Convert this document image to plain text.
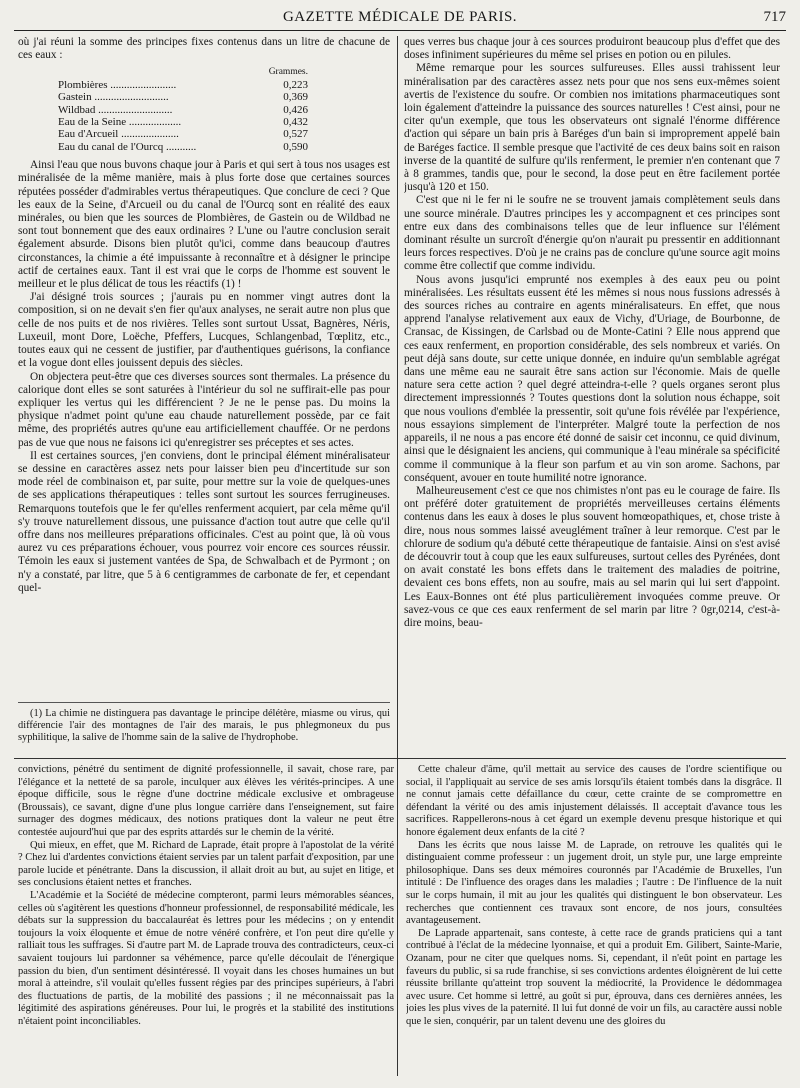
GAZETTE MÉDICALE DE PARIS.	717

où j'ai réuni la somme des principes fixes contenus dans un litre de chacune de ces eaux :

	Grammes.
Plombières ........................	0,223
Gastein ...........................	0,369
Wildbad ...........................	0,426
Eau de la Seine ...................	0,432
Eau d'Arcueil .....................	0,527
Eau du canal de l'Ourcq ...........	0,590

Ainsi l'eau que nous buvons chaque jour à Paris et qui sert à tous nos usages est minéralisée de la même manière, mais à plus forte dose que certaines sources réputées posséder d'admirables vertus thérapeutiques. Que conclure de ceci ? Que les eaux de la Seine, d'Arcueil ou du canal de l'Ourcq sont en réalité des eaux minérales, ou bien que les sources de Plombières, de Gastein ou de Wildbad ne sont tout bonnement que des eaux ordinaires ? L'une ou l'autre conclusion serait également absurde. Disons bien plutôt qu'ici, comme dans beaucoup d'autres circonstances, la chimie a été impuissante à reconnaître et à désigner le principe actif de certaines eaux. Tant il est vrai que le corps de l'homme est souvent le meilleur et le plus délicat de tous les réactifs (1) !

J'ai désigné trois sources ; j'aurais pu en nommer vingt autres dont la composition, si on ne devait s'en fier qu'aux analyses, ne serait autre non plus que celle de nos puits et de nos rivières. Telles sont surtout Ussat, Bagnères, Néris, Luxeuil, mont Dore, Loëche, Pfeffers, Lucques, Schlangenbad, Tœplitz, etc., toutes eaux qui ne cessent de justifier, par d'authentiques guérisons, la confiance et la vogue dont elles jouissent depuis des siècles.

On objectera peut-être que ces diverses sources sont thermales. La présence du calorique dont elles se sont saturées à l'intérieur du sol ne suffirait-elle pas pour expliquer les vertus qui les différencient ? Je ne le pense pas. Du moins la physique n'admet point qu'une eau chaude naturellement possède, par ce fait même, des propriétés autres qu'une eau artificiellement chauffée. Or ne perdons pas de vue que nous ne faisons ici qu'enregistrer ses préceptes et ses actes.

Il est certaines sources, j'en conviens, dont le principal élément minéralisateur se dessine en caractères assez nets pour laisser bien peu d'incertitude sur son mode réel de combinaison et, par suite, pour mettre sur la voie de quelques-unes de ses applications thérapeutiques : telles sont surtout les sources ferrugineuses. Remarquons toutefois que le fer qu'elles renferment acquiert, par cela même qu'il s'y trouve naturellement dissous, une puissance d'action tout autre que celle qu'il offre dans nos meilleures préparations officinales. C'est au point que, là où vous aurez vu ces préparations échouer, vous pourrez voir encore ces sources réussir. Témoin les eaux si justement vantées de Spa, de Schwalbach et de Pyrmont ; on n'y a constaté, par litre, que 5 à 6 centigrammes de carbonate de fer, et cependant quel-

(1) La chimie ne distinguera pas davantage le principe délétère, miasme ou virus, qui différencie l'air des montagnes de l'air des marais, le pus phlegmoneux du pus syphilitique, la salive de l'homme sain de la salive de l'hydrophobe.

ques verres bus chaque jour à ces sources produiront beaucoup plus d'effet que des doses infiniment supérieures du même sel prises en potion ou en pilules.

Même remarque pour les sources sulfureuses. Elles aussi trahissent leur minéralisation par des caractères assez nets pour que nos sens eux-mêmes soient avertis de l'existence du soufre. Or combien nos imitations pharmaceutiques sont loin également d'atteindre la puissance des sources naturelles ! C'est ainsi, pour ne citer qu'un exemple, que tous les observateurs ont signalé l'énorme différence d'action qui sépare un bain pris à Baréges d'un bain si improprement appelé bain de Baréges factice. Il semble presque que l'activité de ces deux bains soit en raison inverse de la quantité de sulfure qu'ils renferment, le premier n'en contenant que 7 à 8 grammes, tandis que, pour le second, la dose peut en être facilement portée jusqu'à 120 et 150.

C'est que ni le fer ni le soufre ne se trouvent jamais complètement seuls dans une source minérale. D'autres principes les y accompagnent et ces principes sont entre eux dans des combinaisons telles que de leur influence sur l'élément dominant résulte un surcroît d'énergie qu'on n'aurait pu pressentir en additionnant leurs forces respectives. D'où je ne crains pas de conclure qu'une source agit moins comme être collectif que comme individu.

Nous avons jusqu'ici emprunté nos exemples à des eaux peu ou point minéralisées. Les résultats eussent été les mêmes si nous nous fussions adressés à des sources riches au contraire en agents minéralisateurs. En effet, que nous apprend l'analyse relativement aux eaux de Vichy, d'Uriage, de Bourbonne, de Cransac, de Kissingen, de Carlsbad ou de Monte-Catini ? Elle nous apprend que ces eaux renferment, en proportion considérable, des sels nombreux et variés. On peut déjà sans doute, sur cette unique donnée, en induire qu'un semblable agrégat dans une même eau ne saurait être sans action sur l'économie. Mais de quelle nature sera cette action ? quel degré atteindra-t-elle ? quels organes seront plus directement impressionnés ? Toutes questions dont la solution nous échappe, soit que nous voulions d'emblée la pressentir, soit qu'une fois révélée par l'expérience, nous essayions simplement de l'interpréter. Malgré toute la perfection de nos appareils, il ne nous a pas encore été donné de saisir cet inconnu, ce quid divinum, ainsi que le désignaient les anciens, qui communique à l'eau minérale sa spécificité comme il communique à la fleur son parfum et au vin son arome. Sachons, par conséquent, avouer en toute humilité notre ignorance.

Malheureusement c'est ce que nos chimistes n'ont pas eu le courage de faire. Ils ont préféré doter gratuitement de propriétés merveilleuses certains éléments contenus dans les eaux à doses le plus souvent homœopathiques, et, chose triste à dire, nous nous sommes laissé aveuglément traîner à leur remorque. C'est par le chlorure de sodium qu'a débuté cette thérapeutique de fantaisie. Ainsi on s'est avisé de découvrir tout à coup que les eaux sulfureuses, surtout celles des Pyrénées, dont on avait constaté les bons effets dans le traitement des maladies de poitrine, devaient ces bons effets, non au soufre, mais au sel marin qui lui sert d'appoint. Les Eaux-Bonnes ont été plus particulièrement invoquées comme preuve. Or savez-vous ce que ces eaux renferment de sel marin par litre ? 0gr,0214, c'est-à-dire moins, beau-

convictions, pénétré du sentiment de dignité professionnelle, il savait, chose rare, par l'élégance et la netteté de sa parole, inculquer aux élèves les vérités-principes. A une époque difficile, sous le règne d'une doctrine médicale exclusive et ombrageuse (Broussais), ce savant, digne d'une plus longue carrière dans l'enseignement, sut faire surnager des dogmes médicaux, des notions pratiques dont la valeur ne peut être contestée aujourd'hui que par des esprits attardés sur le chemin de la vérité.

Qui mieux, en effet, que M. Richard de Laprade, était propre à l'apostolat de la vérité ? Chez lui d'ardentes convictions étaient servies par un talent parfait d'exposition, par une parole lucide et pénétrante. Dans la discussion, il allait droit au but, au sujet en litige, et ses conclusions étaient nettes et franches.

L'Académie et la Société de médecine compteront, parmi leurs mémorables séances, celles où s'agitèrent les questions d'honneur professionnel, de responsabilité médicale, les débats sur la suppression du baccalauréat ès lettres pour les médecins ; on y entendit toujours la voix éloquente et émue de notre vénéré confrère, et l'on peut dire qu'elle y ralliait tous les suffrages. Si d'autre part M. de Laprade trouva des contradicteurs, ceux-ci savaient toujours lui pardonner sa véhémence, parce qu'elle découlait de l'énergique passion du bien, d'un sentiment désintéressé. Il voyait dans les choses humaines un but moral à atteindre, s'il voulait qu'elles fussent régies par des principes supérieurs, à l'abri des fluctuations de partis, de la mobilité des passions ; il ne méconnaissait pas la légitimité des aspirations généreuses. Pour lui, le progrès et la stabilité des institutions n'étaient point inconciliables.

Cette chaleur d'âme, qu'il mettait au service des causes de l'ordre scientifique ou social, il l'appliquait au service de ses amis lorsqu'ils étaient tombés dans la disgrâce. Il ne connut jamais cette défaillance du cœur, cette crainte de se compromettre en défendant la vérité ou des amis injustement délaissés. Il acceptait d'avance tous les sacrifices. Rappellerons-nous à cet égard un exemple devenu presque historique et qui honore également deux enfants de la cité ?

Dans les écrits que nous laisse M. de Laprade, on retrouve les qualités qui le distinguaient comme professeur : un jugement droit, un style pur, une large empreinte philosophique. Dans ses deux mémoires couronnés par l'Académie de Bruxelles, l'un intitulé : De l'influence des orages dans les maladies ; l'autre : De l'influence de la nuit sur le corps humain, il mit au jour les qualités qui distinguent le bon observateur. Les recherches que contiennent ces travaux sont encore, de nos jours, consultées avantageusement.

De Laprade appartenait, sans conteste, à cette race de grands praticiens qui a tant contribué à l'éclat de la médecine lyonnaise, et qui a produit Em. Gilibert, Sainte-Marie, Ozanam, pour ne citer que quelques noms. Si, cependant, il n'eût point en partage les faveurs du public, si sa rude franchise, si ses convictions ardentes éloignèrent de lui cette réussite brillante qu'atteint trop souvent la médiocrité, la Providence le dédommagea avec usure. Cet homme si lettré, au goût si pur, éprouva, dans ces dernières années, les joies les plus vives de la paternité. Il lui fut donné de voir un fils, au caractère aussi noble que le sien, conquérir, par un talent devenu une des gloires du
